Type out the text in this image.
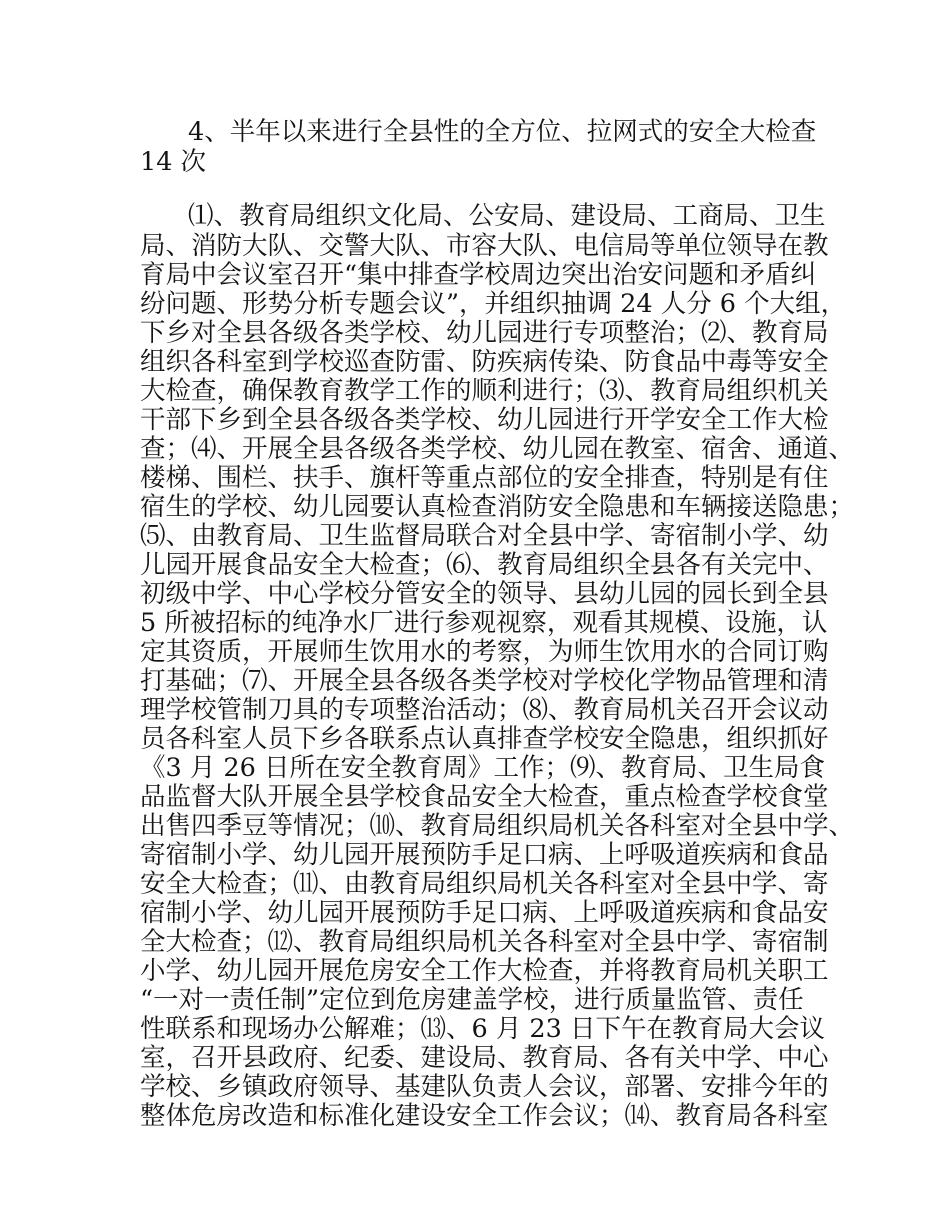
4、半年以来进行全县性的全方位、拉网式的安全大检查

14 次

⑴、教育局组织文化局、公安局、建设局、工商局、卫生

局、消防大队、交警大队、市容大队、电信局等单位领导在教

育局中会议室召开“集中排查学校周边突出治安问题和矛盾纠

纷问题、形势分析专题会议”，并组织抽调 24 人分 6 个大组，

下乡对全县各级各类学校、幼儿园进行专项整治；⑵、教育局

组织各科室到学校巡查防雷、防疾病传染、防食品中毒等安全

大检查，确保教育教学工作的顺利进行；⑶、教育局组织机关

干部下乡到全县各级各类学校、幼儿园进行开学安全工作大检

查；⑷、开展全县各级各类学校、幼儿园在教室、宿舍、通道、

楼梯、围栏、扶手、旗杆等重点部位的安全排查，特别是有住

宿生的学校、幼儿园要认真检查消防安全隐患和车辆接送隐患；

⑸、由教育局、卫生监督局联合对全县中学、寄宿制小学、幼

儿园开展食品安全大检查；⑹、教育局组织全县各有关完中、

初级中学、中心学校分管安全的领导、县幼儿园的园长到全县

5 所被招标的纯净水厂进行参观视察，观看其规模、设施，认

定其资质，开展师生饮用水的考察，为师生饮用水的合同订购

打基础；⑺、开展全县各级各类学校对学校化学物品管理和清

理学校管制刀具的专项整治活动；⑻、教育局机关召开会议动

员各科室人员下乡各联系点认真排查学校安全隐患，组织抓好

《3 月 26 日所在安全教育周》工作；⑼、教育局、卫生局食

品监督大队开展全县学校食品安全大检查，重点检查学校食堂

出售四季豆等情况；⑽、教育局组织局机关各科室对全县中学、

寄宿制小学、幼儿园开展预防手足口病、上呼吸道疾病和食品

安全大检查；⑾、由教育局组织局机关各科室对全县中学、寄

宿制小学、幼儿园开展预防手足口病、上呼吸道疾病和食品安

全大检查；⑿、教育局组织局机关各科室对全县中学、寄宿制

小学、幼儿园开展危房安全工作大检查，并将教育局机关职工

“一对一责任制”定位到危房建盖学校，进行质量监管、责任

性联系和现场办公解难；⒀、6 月 23 日下午在教育局大会议

室，召开县政府、纪委、建设局、教育局、各有关中学、中心

学校、乡镇政府领导、基建队负责人会议，部署、安排今年的

整体危房改造和标准化建设安全工作会议；⒁、教育局各科室
